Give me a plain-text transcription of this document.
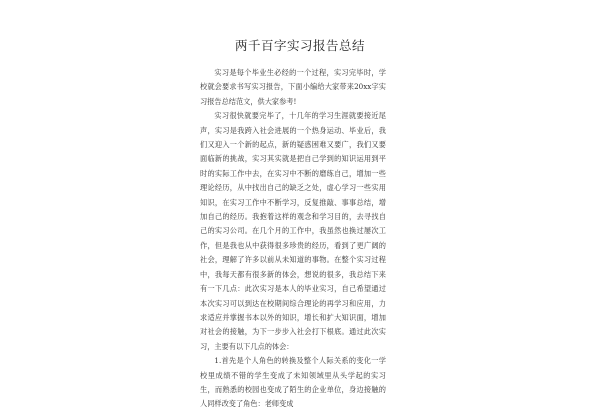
两千百字实习报告总结

实习是每个毕业生必经的一个过程，实习完毕时，学校就会要求书写实习报告，下面小编给大家带来20xx字实习报告总结范文，供大家参考!

实习很快就要完毕了，十几年的学习生涯就要接近尾声，实习是我跨入社会进展的一个热身运动、毕业后，我们又迎入一个新的起点，新的疑惑困难又要广，我们又要面临新的挑战，实习其实就是把自己学到的知识运用到平时的实际工作中去，在实习中不断的磨练自己，增加一些理论经历，从中找出自己的缺乏之处，虚心学习一些实用知识，在实习工作中不断学习，反复推敲、事事总结，增加自己的经历。我抱着这样的观念和学习目的，去寻找自己的实习公司。在几个月的工作中，我虽然也换过屡次工作，但是我也从中获得很多珍贵的经历，看到了更广阔的社会，理解了许多以前从未知道的事物。在整个实习过程中，我每天都有很多新的体会，想说的很多，我总结下来有一下几点：此次实习是本人的毕业实习，自己希望通过本次实习可以到达在校期间综合理论的再学习和应用，力求适应并掌握书本以外的知识，增长和扩大知识面，增加对社会的接触，为下一步步入社会打下根底。通过此次实习，主要有以下几点的体会：

1.首先是个人角色的转换及整个人际关系的变化一学校里成绩不错的学生变成了未知领域里从头学起的实习生，而熟悉的校园也变成了陌生的企业单位，身边接触的人同样改变了角色：老师变成
